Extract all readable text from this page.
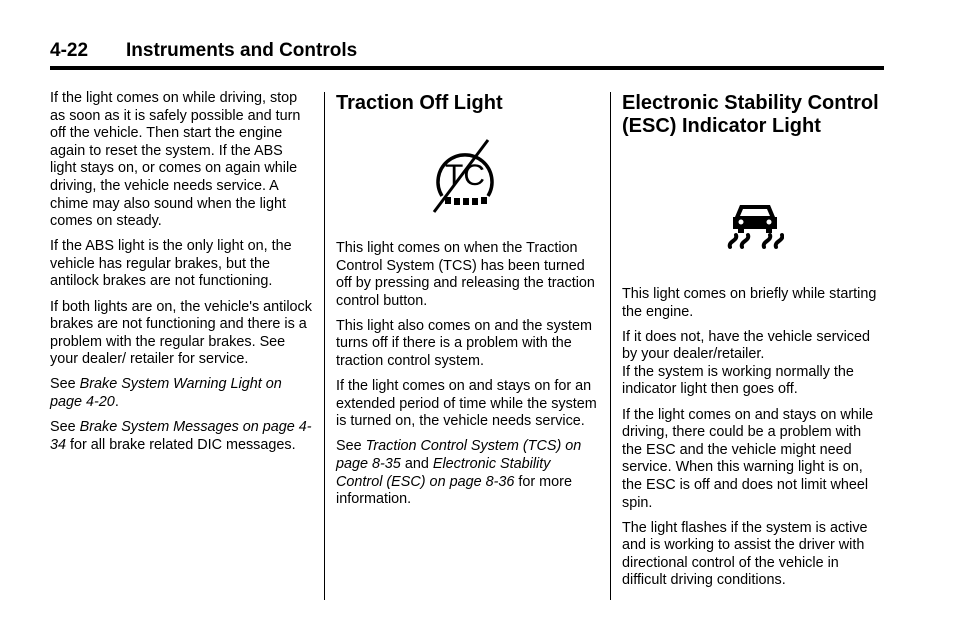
4-22 Instruments and Controls

If the light comes on while driving, stop as soon as it is safely possible and turn off the vehicle. Then start the engine again to reset the system. If the ABS light stays on, or comes on again while driving, the vehicle needs service. A chime may also sound when the light comes on steady.

If the ABS light is the only light on, the vehicle has regular brakes, but the antilock brakes are not functioning.

If both lights are on, the vehicle's antilock brakes are not functioning and there is a problem with the regular brakes. See your dealer/ retailer for service.

See Brake System Warning Light on page 4-20.

See Brake System Messages on page 4-34 for all brake related DIC messages.

Traction Off Light
TC

This light comes on when the Traction Control System (TCS) has been turned off by pressing and releasing the traction control button.

This light also comes on and the system turns off if there is a problem with the traction control system.

If the light comes on and stays on for an extended period of time while the system is turned on, the vehicle needs service.

See Traction Control System (TCS) on page 8-35 and Electronic Stability Control (ESC) on page 8-36 for more information.

Electronic Stability Control (ESC) Indicator Light

This light comes on briefly while starting the engine.

If it does not, have the vehicle serviced by your dealer/retailer.

If the system is working normally the indicator light then goes off.

If the light comes on and stays on while driving, there could be a problem with the ESC and the vehicle might need service. When this warning light is on, the ESC is off and does not limit wheel spin.

The light flashes if the system is active and is working to assist the driver with directional control of the vehicle in difficult driving conditions.
